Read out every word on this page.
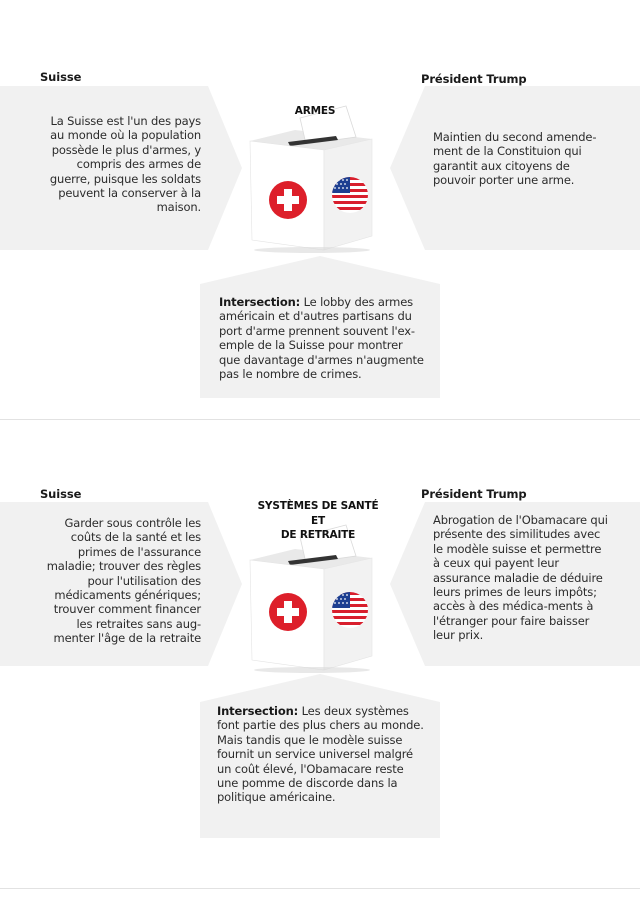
Suisse	Président Trump
ARMES

La Suisse est l'un des pays au monde où la population possède le plus d'armes, y compris des armes de guerre, puisque les soldats peuvent la conserver à la maison.

Maintien du second amende-ment de la Constituion qui garantit aux citoyens de pouvoir porter une arme.

Intersection: Le lobby des armes américain et d'autres partisans du port d'arme prennent souvent l'ex-emple de la Suisse pour montrer que davantage d'armes n'augmente pas le nombre de crimes.

Suisse	Président Trump
SYSTÈMES DE SANTÉ
ET
DE RETRAITE

Garder sous contrôle les coûts de la santé et les primes de l'assurance maladie; trouver des règles pour l'utilisation des médicaments génériques; trouver comment financer les retraites sans aug-menter l'âge de la retraite

Abrogation de l'Obamacare qui présente des similitudes avec le modèle suisse et permettre à ceux qui payent leur assurance maladie de déduire leurs primes de leurs impôts; accès à des médica-ments à l'étranger pour faire baisser leur prix.

Intersection: Les deux systèmes font partie des plus chers au monde. Mais tandis que le modèle suisse fournit un service universel malgré un coût élevé, l'Obamacare reste une pomme de discorde dans la politique américaine.
